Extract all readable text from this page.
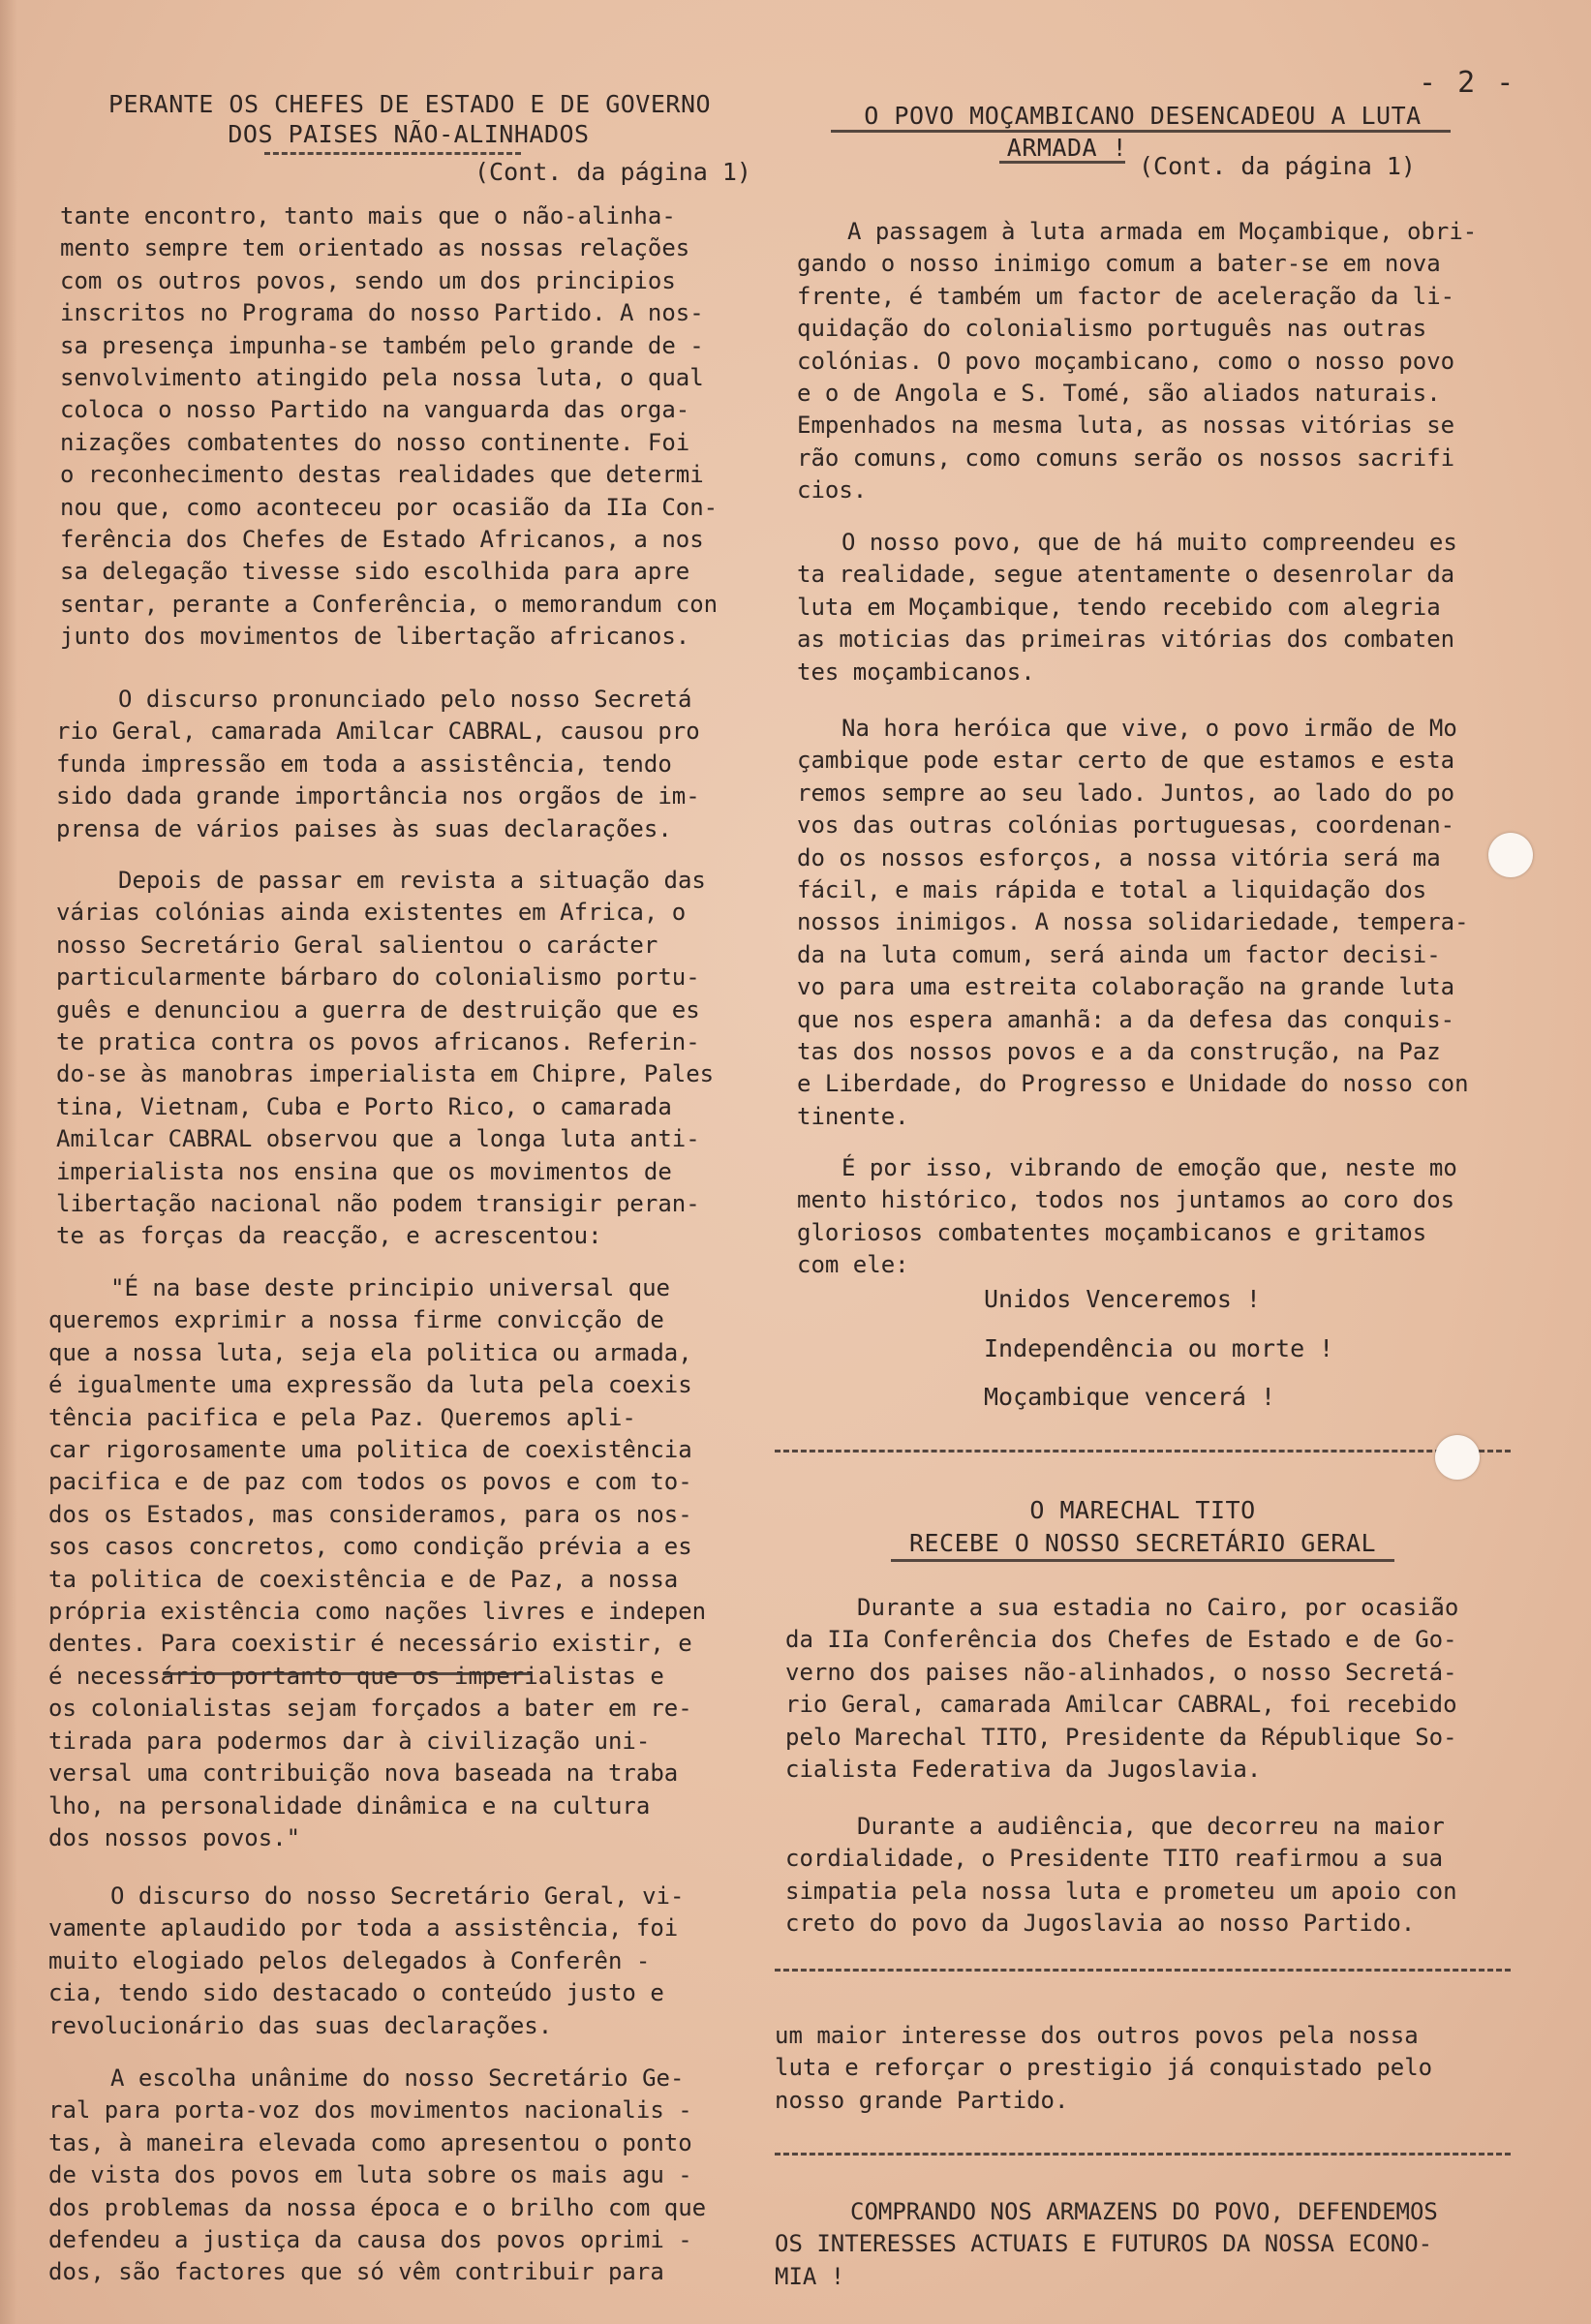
- 2 -
PERANTE OS CHEFES DE ESTADO E DE GOVERNO
DOS PAISES NÃO-ALINHADOS
(Cont. da página 1)

tante encontro, tanto mais que o não-alinha-
mento sempre tem orientado as nossas relações
com os outros povos, sendo um dos principios
inscritos no Programa do nosso Partido. A nos-
sa presença impunha-se também pelo grande de -
senvolvimento atingido pela nossa luta, o qual
coloca o nosso Partido na vanguarda das orga-
nizações combatentes do nosso continente. Foi
o reconhecimento destas realidades que determi
nou que, como aconteceu por ocasião da IIa Con-
ferência dos Chefes de Estado Africanos, a nos
sa delegação tivesse sido escolhida para apre
sentar, perante a Conferência, o memorandum con
junto dos movimentos de libertação africanos.

O discurso pronunciado pelo nosso Secretá
rio Geral, camarada Amilcar CABRAL, causou pro
funda impressão em toda a assistência, tendo
sido dada grande importância nos orgãos de im-
prensa de vários paises às suas declarações.

Depois de passar em revista a situação das
várias colónias ainda existentes em Africa, o
nosso Secretário Geral salientou o carácter
particularmente bárbaro do colonialismo portu-
guês e denunciou a guerra de destruição que es
te pratica contra os povos africanos. Referin-
do-se às manobras imperialista em Chipre, Pales
tina, Vietnam, Cuba e Porto Rico, o camarada
Amilcar CABRAL observou que a longa luta anti-
imperialista nos ensina que os movimentos de
libertação nacional não podem transigir peran-
te as forças da reacção, e acrescentou:

"É na base deste principio universal que
queremos exprimir a nossa firme convicção de
que a nossa luta, seja ela politica ou armada,
é igualmente uma expressão da luta pela coexis
tência pacifica e pela Paz. Queremos apli-
car rigorosamente uma politica de coexistência
pacifica e de paz com todos os povos e com to-
dos os Estados, mas consideramos, para os nos-
sos casos concretos, como condição prévia a es
ta politica de coexistência e de Paz, a nossa
própria existência como nações livres e indepen
dentes. Para coexistir é necessário existir, e
é necessário portanto que os imperialistas e
os colonialistas sejam forçados a bater em re-
tirada para podermos dar à civilização uni-
versal uma contribuição nova baseada na traba
lho, na personalidade dinâmica e na cultura
dos nossos povos."

O discurso do nosso Secretário Geral, vi-
vamente aplaudido por toda a assistência, foi
muito elogiado pelos delegados à Conferên -
cia, tendo sido destacado o conteúdo justo e
revolucionário das suas declarações.

A escolha unânime do nosso Secretário Ge-
ral para porta-voz dos movimentos nacionalis -
tas, à maneira elevada como apresentou o ponto
de vista dos povos em luta sobre os mais agu -
dos problemas da nossa época e o brilho com que
defendeu a justiça da causa dos povos oprimi -
dos, são factores que só vêm contribuir para

O POVO MOÇAMBICANO DESENCADEOU A LUTA
ARMADA !
(Cont. da página 1)

A passagem à luta armada em Moçambique, obri-
gando o nosso inimigo comum a bater-se em nova
frente, é também um factor de aceleração da li-
quidação do colonialismo português nas outras
colónias. O povo moçambicano, como o nosso povo
e o de Angola e S. Tomé, são aliados naturais.
Empenhados na mesma luta, as nossas vitórias se
rão comuns, como comuns serão os nossos sacrifi
cios.

O nosso povo, que de há muito compreendeu es
ta realidade, segue atentamente o desenrolar da
luta em Moçambique, tendo recebido com alegria
as moticias das primeiras vitórias dos combaten
tes moçambicanos.

Na hora heróica que vive, o povo irmão de Mo
çambique pode estar certo de que estamos e esta
remos sempre ao seu lado. Juntos, ao lado do po
vos das outras colónias portuguesas, coordenan-
do os nossos esforços, a nossa vitória será ma
fácil, e mais rápida e total a liquidação dos
nossos inimigos. A nossa solidariedade, tempera-
da na luta comum, será ainda um factor decisi-
vo para uma estreita colaboração na grande luta
que nos espera amanhã: a da defesa das conquis-
tas dos nossos povos e a da construção, na Paz
e Liberdade, do Progresso e Unidade do nosso con
tinente.

É por isso, vibrando de emoção que, neste mo
mento histórico, todos nos juntamos ao coro dos
gloriosos combatentes moçambicanos e gritamos
com ele:

Unidos Venceremos !
Independência ou morte !
Moçambique vencerá !
O MARECHAL TITO
RECEBE O NOSSO SECRETÁRIO GERAL

Durante a sua estadia no Cairo, por ocasião
da IIa Conferência dos Chefes de Estado e de Go-
verno dos paises não-alinhados, o nosso Secretá-
rio Geral, camarada Amilcar CABRAL, foi recebido
pelo Marechal TITO, Presidente da République So-
cialista Federativa da Jugoslavia.

Durante a audiência, que decorreu na maior
cordialidade, o Presidente TITO reafirmou a sua
simpatia pela nossa luta e prometeu um apoio con
creto do povo da Jugoslavia ao nosso Partido.

um maior interesse dos outros povos pela nossa
luta e reforçar o prestigio já conquistado pelo
nosso grande Partido.

COMPRANDO NOS ARMAZENS DO POVO, DEFENDEMOS
OS INTERESSES ACTUAIS E FUTUROS DA NOSSA ECONO-
MIA !
